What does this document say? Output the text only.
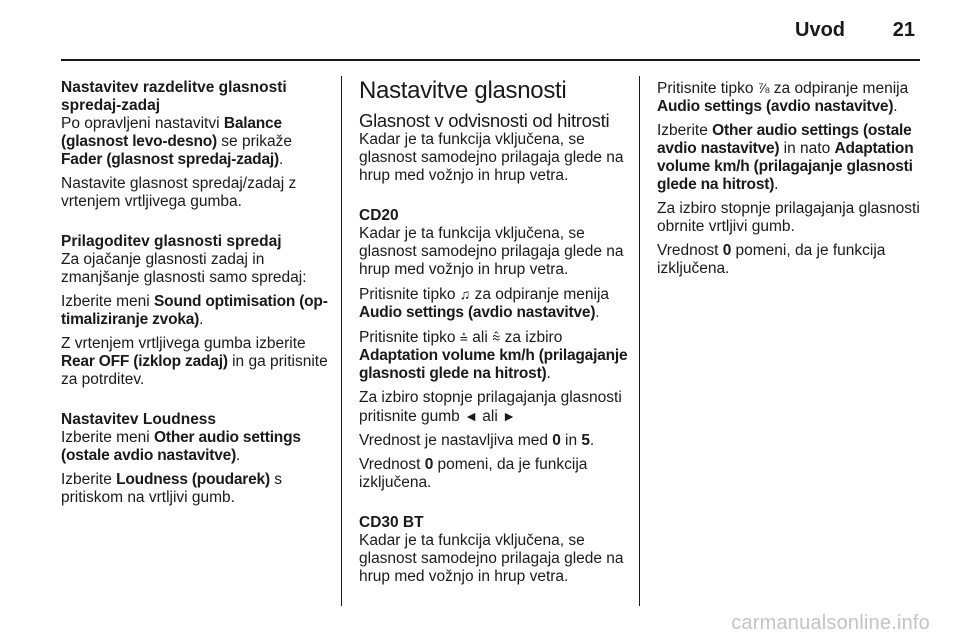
Uvod	21

Nastavitev razdelitve glasnosti spredaj-zadaj

Po opravljeni nastavitvi Balance (glasnost levo-desno) se prikaže Fader (glasnost spredaj-zadaj).

Nastavite glasnost spredaj/zadaj z vrtenjem vrtljivega gumba.

Prilagoditev glasnosti spredaj

Za ojačanje glasnosti zadaj in zmanjšanje glasnosti samo spredaj:

Izberite meni Sound optimisation (op-timaliziranje zvoka).

Z vrtenjem vrtljivega gumba izberite Rear OFF (izklop zadaj) in ga pritisnite za potrditev.

Nastavitev Loudness

Izberite meni Other audio settings (ostale avdio nastavitve).

Izberite Loudness (poudarek) s pritiskom na vrtljivi gumb.

Nastavitve glasnosti
Glasnost v odvisnosti od hitrosti

Kadar je ta funkcija vključena, se glasnost samodejno prilagaja glede na hrup med vožnjo in hrup vetra.

CD20

Kadar je ta funkcija vključena, se glasnost samodejno prilagaja glede na hrup med vožnjo in hrup vetra.

Pritisnite tipko ♫ za odpiranje menija Audio settings (avdio nastavitve).

Pritisnite tipko ⩮ ali ⩯ za izbiro Adaptation volume km/h (prilagajanje glasnosti glede na hitrost).

Za izbiro stopnje prilagajanja glasnosti pritisnite gumb ◄ ali ►

Vrednost je nastavljiva med 0 in 5.

Vrednost 0 pomeni, da je funkcija izključena.

CD30 BT

Kadar je ta funkcija vključena, se glasnost samodejno prilagaja glede na hrup med vožnjo in hrup vetra.

Pritisnite tipko ⅞ za odpiranje menija Audio settings (avdio nastavitve).

Izberite Other audio settings (ostale avdio nastavitve) in nato Adaptation volume km/h (prilagajanje glasnosti glede na hitrost).

Za izbiro stopnje prilagajanja glasnosti obrnite vrtljivi gumb.

Vrednost 0 pomeni, da je funkcija izključena.

carmanualsonline.info
